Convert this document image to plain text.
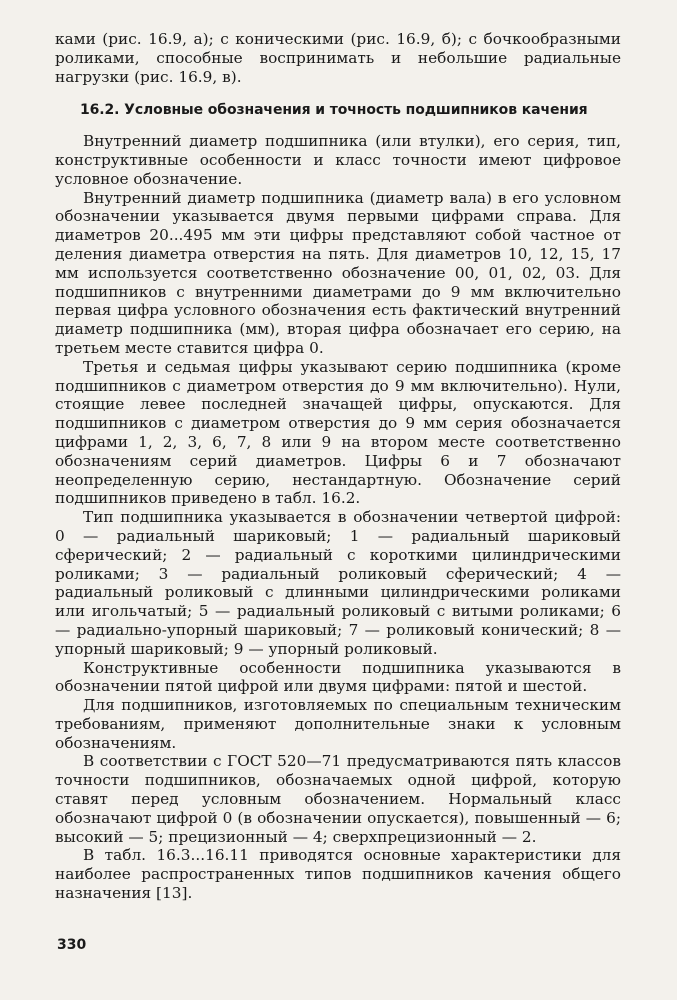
ками (рис. 16.9, а); с коническими (рис. 16.9, б); с бочкообразными роликами, способные воспринимать и небольшие радиальные нагрузки (рис. 16.9, в).

16.2. Условные обозначения и точность подшипников качения

Внутренний диаметр подшипника (или втулки), его серия, тип, конструктивные особенности и класс точности имеют цифровое условное обозначение.

Внутренний диаметр подшипника (диаметр вала) в его условном обозначении указывается двумя первыми цифрами справа. Для диаметров 20...495 мм эти цифры представляют собой частное от деления диаметра отверстия на пять. Для диаметров 10, 12, 15, 17 мм используется соответственно обозначение 00, 01, 02, 03. Для подшипников с внутренними диаметрами до 9 мм включительно первая цифра условного обозначения есть фактический внутренний диаметр подшипника (мм), вторая цифра обозначает его серию, на третьем месте ставится цифра 0.

Третья и седьмая цифры указывают серию подшипника (кроме подшипников с диаметром отверстия до 9 мм включительно). Нули, стоящие левее последней значащей цифры, опускаются. Для подшипников с диаметром отверстия до 9 мм серия обозначается цифрами 1, 2, 3, 6, 7, 8 или 9 на втором месте соответственно обозначениям серий диаметров. Цифры 6 и 7 обозначают неопределенную серию, нестандартную. Обозначение серий подшипников приведено в табл. 16.2.

Тип подшипника указывается в обозначении четвертой цифрой: 0 — радиальный шариковый; 1 — радиальный шариковый сферический; 2 — радиальный с короткими цилиндрическими роликами; 3 — радиальный роликовый сферический; 4 — радиальный роликовый с длинными цилиндрическими роликами или игольчатый; 5 — радиальный роликовый с витыми роликами; 6 — радиально-упорный шариковый; 7 — роликовый конический; 8 — упорный шариковый; 9 — упорный роликовый.

Конструктивные особенности подшипника указываются в обозначении пятой цифрой или двумя цифрами: пятой и шестой.

Для подшипников, изготовляемых по специальным техническим требованиям, применяют дополнительные знаки к условным обозначениям.

В соответствии с ГОСТ 520—71 предусматриваются пять классов точности подшипников, обозначаемых одной цифрой, которую ставят перед условным обозначением. Нормальный класс обозначают цифрой 0 (в обозначении опускается), повышенный — 6; высокий — 5; прецизионный — 4; сверхпрецизионный — 2.

В табл. 16.3...16.11 приводятся основные характеристики для наиболее распространенных типов подшипников качения общего назначения [13].

330
